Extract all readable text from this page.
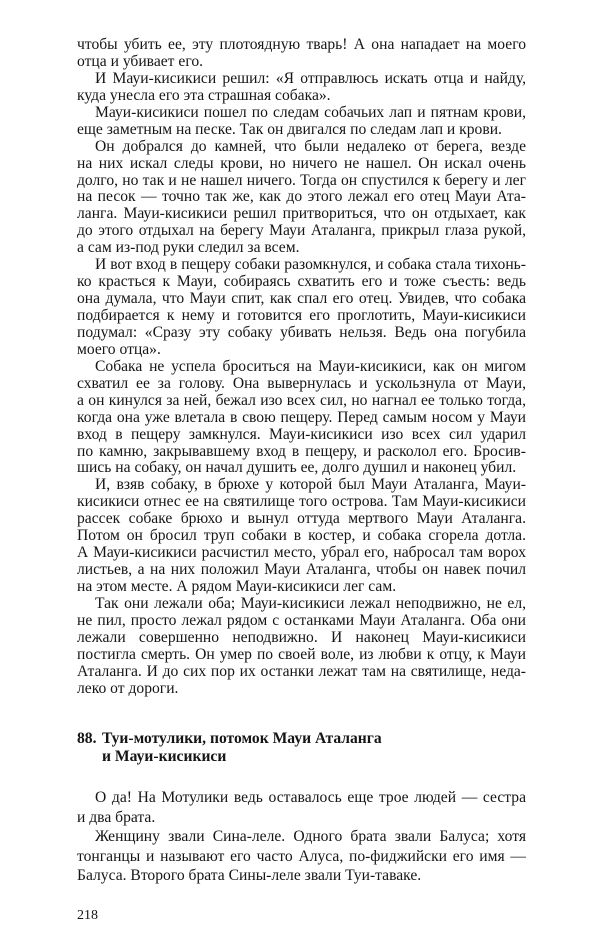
чтобы убить ее, эту плотоядную тварь! А она нападает на моего
отца и убивает его.
И Мауи-кисикиси решил: «Я отправлюсь искать отца и найду,
куда унесла его эта страшная собака».
Мауи-кисикиси пошел по следам собачьих лап и пятнам крови,
еще заметным на песке. Так он двигался по следам лап и крови.
Он добрался до камней, что были недалеко от берега, везде
на них искал следы крови, но ничего не нашел. Он искал очень
долго, но так и не нашел ничего. Тогда он спустился к берегу и лег
на песок — точно так же, как до этого лежал его отец Мауи Ата-
ланга. Мауи-кисикиси решил притвориться, что он отдыхает, как
до этого отдыхал на берегу Мауи Аталанга, прикрыл глаза рукой,
а сам из-под руки следил за всем.
И вот вход в пещеру собаки разомкнулся, и собака стала тихонь-
ко красться к Мауи, собираясь схватить его и тоже съесть: ведь
она думала, что Мауи спит, как спал его отец. Увидев, что собака
подбирается к нему и готовится его проглотить, Мауи-кисикиси
подумал: «Сразу эту собаку убивать нельзя. Ведь она погубила
моего отца».
Собака не успела броситься на Мауи-кисикиси, как он мигом
схватил ее за голову. Она вывернулась и ускользнула от Мауи,
а он кинулся за ней, бежал изо всех сил, но нагнал ее только тогда,
когда она уже влетала в свою пещеру. Перед самым носом у Мауи
вход в пещеру замкнулся. Мауи-кисикиси изо всех сил ударил
по камню, закрывавшему вход в пещеру, и расколол его. Бросив-
шись на собаку, он начал душить ее, долго душил и наконец убил.
И, взяв собаку, в брюхе у которой был Мауи Аталанга, Мауи-
кисикиси отнес ее на святилище того острова. Там Мауи-кисикиси
рассек собаке брюхо и вынул оттуда мертвого Мауи Аталанга.
Потом он бросил труп собаки в костер, и собака сгорела дотла.
А Мауи-кисикиси расчистил место, убрал его, набросал там ворох
листьев, а на них положил Мауи Аталанга, чтобы он навек почил
на этом месте. А рядом Мауи-кисикиси лег сам.
Так они лежали оба; Мауи-кисикиси лежал неподвижно, не ел,
не пил, просто лежал рядом с останками Мауи Аталанга. Оба они
лежали совершенно неподвижно. И наконец Мауи-кисикиси
постигла смерть. Он умер по своей воле, из любви к отцу, к Мауи
Аталанга. И до сих пор их останки лежат там на святилище, неда-
леко от дороги.
88. Туи-мотулики, потомок Мауи Аталанга
и Мауи-кисикиси
О да! На Мотулики ведь оставалось еще трое людей — сестра
и два брата.
Женщину звали Сина-леле. Одного брата звали Балуса; хотя
тонганцы и называют его часто Алуса, по-фиджийски его имя —
Балуса. Второго брата Сины-леле звали Туи-таваке.
218
